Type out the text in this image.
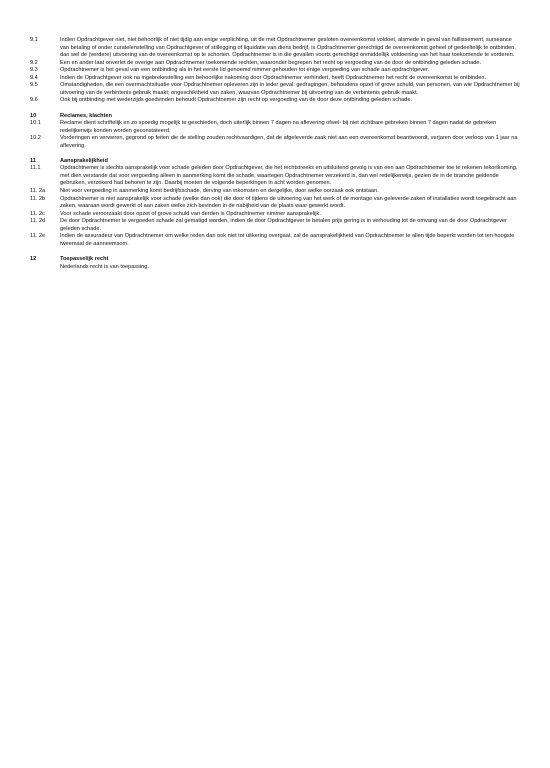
9.1	Indien Opdrachtgever niet, niet behoorlijk of niet tijdig aan enige verplichting, uit de met Opdrachtnemer gesloten overeenkomst voldoet, alsmede in geval van faillissement, surseance van betaling of onder curatelenstelling van Opdrachtgever of stillegging of liquidatie van diens bedrijf, is Opdrachtnemer gerechtigd de overeenkomst geheel of gedeeltelijk te ontbinden, dan wel de (verdere) uitvoering van de overeenkomst op te schorten. Opdrachtnemer is in die gevallen voorts gerechtigd onmiddellijk voldoening van het haar toekomende te vorderen.
9.2	Een en ander laat onverlet de overige aan Opdrachtnemer toekomende rechten, waaronder begrepen het recht op vergoeding van de door de ontbinding geleden schade.
9.3	Opdrachtnemer is het geval van een ontbinding als in het eerste lid genoemd nimmer gehouden tot enige vergoeding van schade aan opdrachtgever.
9.4	Indien de Opdrachtgever ook na ingebrekestelling een behoorlijke nakoming door Opdrachtnemer verhindert, heeft Opdrachtnemer het recht de overeenkomst te ontbinden.
9.5	Omstandigheden, die een overmachtsituatie voor Opdrachtnemer opleveren zijn in ieder geval: gedragingen, behoudens opzet of grove schuld, van personen, van wie Opdrachtnemer bij uitvoering van de verbintenis gebruik maakt; ongeschiktheid van zaken, waarvan Opdrachtnemer bij uitvoering van de verbintenis gebruik maakt.
9.6	Ook bij ontbinding met wederzijds goedvinden behoudt Opdrachtnemer zijn recht op vergoeding van de door deze ontbinding geleden schade.
10	Reclames, klachten
10.1	Reclame dient schriftelijk en zo spoedig mogelijk te geschieden, doch uiterlijk binnen 7 dagen na aflevering ofwel- bij niet zichtbare gebreken binnen 7 dagen nadat de gebreken redelijkerwijs konden worden geconstateerd.
10.2	Vorderingen en verweren, gegrond op feiten die de stelling zouden rechtvaardigen, dat de afgeleverde zaak niet aan een overeenkomst beantwoordt, verjaren door verloop van 1 jaar na aflevering.
11	Aansprakelijkheid
11.1	Opdrachtnemer is slechts aansprakelijk voor schade geleden door Opdrachtgever, die het rechtstreeks en uitsluitend gevolg is van een aan Opdrachtnemer toe te rekenen tekortkoming, met dien verstande dat voor vergoeding alleen in aanmerking komt die schade, waartegen Opdrachtnemer verzekerd is, dan wel redelijkerwijs, gezien de in de branche geldende gebruiken, verzekerd had behoren te zijn. Daarbij moeten de volgende beperkingen in acht worden genomen.
11. 2a	Niet voor vergoeding in aanmerking komt bedrijfsschade, derving van inkomsten en dergelijke, door welke oorzaak ook ontstaan.
11. 2b	Opdrachtnemer is niet aansprakelijk voor schade (welke dan ook) die door of tijdens de uitvoering van het werk of de montage van geleverde zaken of installaties wordt toegebracht aan zaken, waaraan wordt gewerkt of aan zaken welke zich bevinden in de nabijheid van de plaats waar gewerkt wordt.
11. 2c	Voor schade veroorzaakt door opzet of grove schuld van derden is Opdrachtnemer nimmer aansprakelijk.
11. 2d	De door Opdrachtnemer te vergoeden schade zal gematigd worden, indien de door Opdrachtgever te betalen prijs gering is in verhouding tot de omvang van de door Opdrachtgever geleden schade.
11. 2e	Indien de assuradeur van Opdrachtnemer om welke reden dan ook niet tot uitkering overgaat, zal de aansprakelijkheid van Opdrachtnemer te allen tijde beperkt worden tot ten hoogste tweemaal de aanneemsom.
12	Toepasselijk recht
Nederlands recht is van toepassing.
